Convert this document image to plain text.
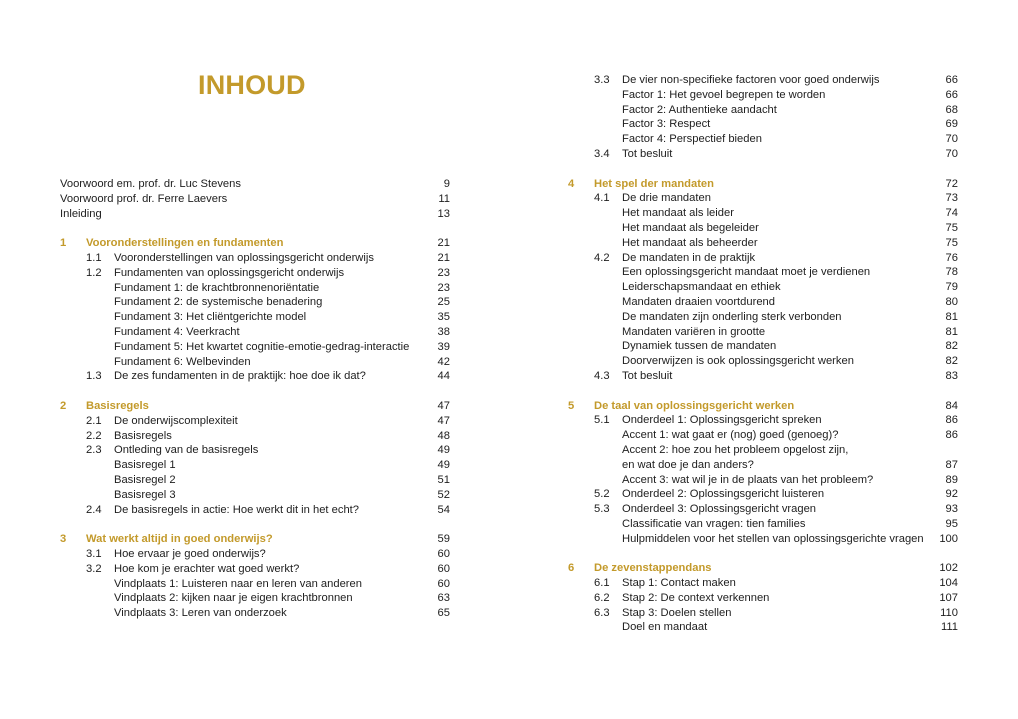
INHOUD
Voorwoord em. prof. dr. Luc Stevens	9
Voorwoord prof. dr. Ferre Laevers	11
Inleiding	13
1 Vooronderstellingen en fundamenten	21
1.1 Vooronderstellingen van oplossingsgericht onderwijs	21
1.2 Fundamenten van oplossingsgericht onderwijs	23
Fundament 1: de krachtbronnenoriëntatie	23
Fundament 2: de systemische benadering	25
Fundament 3: Het cliëntgerichte model	35
Fundament 4: Veerkracht	38
Fundament 5: Het kwartet cognitie-emotie-gedrag-interactie	39
Fundament 6: Welbevinden	42
1.3 De zes fundamenten in de praktijk: hoe doe ik dat?	44
2 Basisregels	47
2.1 De onderwijscomplexiteit	47
2.2 Basisregels	48
2.3 Ontleding van de basisregels	49
Basisregel 1	49
Basisregel 2	51
Basisregel 3	52
2.4 De basisregels in actie: Hoe werkt dit in het echt?	54
3 Wat werkt altijd in goed onderwijs?	59
3.1 Hoe ervaar je goed onderwijs?	60
3.2 Hoe kom je erachter wat goed werkt?	60
Vindplaats 1: Luisteren naar en leren van anderen	60
Vindplaats 2: kijken naar je eigen krachtbronnen	63
Vindplaats 3: Leren van onderzoek	65
3.3 De vier non-specifieke factoren voor goed onderwijs	66
Factor 1: Het gevoel begrepen te worden	66
Factor 2: Authentieke aandacht	68
Factor 3: Respect	69
Factor 4: Perspectief bieden	70
3.4 Tot besluit	70
4 Het spel der mandaten	72
4.1 De drie mandaten	73
Het mandaat als leider	74
Het mandaat als begeleider	75
Het mandaat als beheerder	75
4.2 De mandaten in de praktijk	76
Een oplossingsgericht mandaat moet je verdienen	78
Leiderschapsmandaat en ethiek	79
Mandaten draaien voortdurend	80
De mandaten zijn onderling sterk verbonden	81
Mandaten variëren in grootte	81
Dynamiek tussen de mandaten	82
Doorverwijzen is ook oplossingsgericht werken	82
4.3 Tot besluit	83
5 De taal van oplossingsgericht werken	84
5.1 Onderdeel 1: Oplossingsgericht spreken	86
Accent 1: wat gaat er (nog) goed (genoeg)?	86
Accent 2: hoe zou het probleem opgelost zijn,
en wat doe je dan anders?	87
Accent 3: wat wil je in de plaats van het probleem?	89
5.2 Onderdeel 2: Oplossingsgericht luisteren	92
5.3 Onderdeel 3: Oplossingsgericht vragen	93
Classificatie van vragen: tien families	95
Hulpmiddelen voor het stellen van oplossingsgerichte vragen 100
6 De zevenstappendans	102
6.1 Stap 1: Contact maken	104
6.2 Stap 2: De context verkennen	107
6.3 Stap 3: Doelen stellen	110
Doel en mandaat	111
